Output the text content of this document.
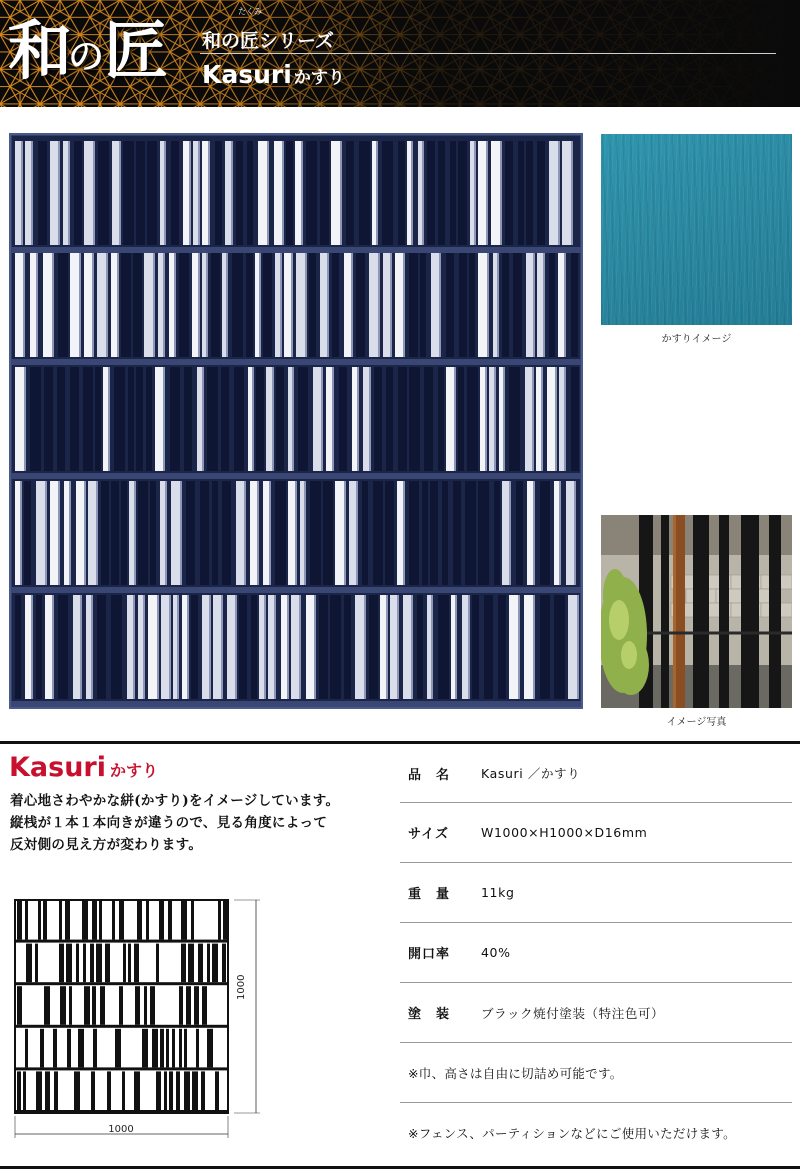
和の匠
たくみ
和の匠シリーズ
Kasuri かすり
かすりイメージ
イメージ写真
Kasuri かすり
着心地さわやかな絣(かすり)をイメージしています。
縦桟が１本１本向きが違うので、見る角度によって
反対側の見え方が変わります。
1000
1000
品　名 Kasuri ／かすり
サイズ	W1000×H1000×D16mm
重　量 11kg
開口率 40%
塗　装 ブラック焼付塗装（特注色可）
※巾、高さは自由に切詰め可能です。
※フェンス、パーティションなどにご使用いただけます。
